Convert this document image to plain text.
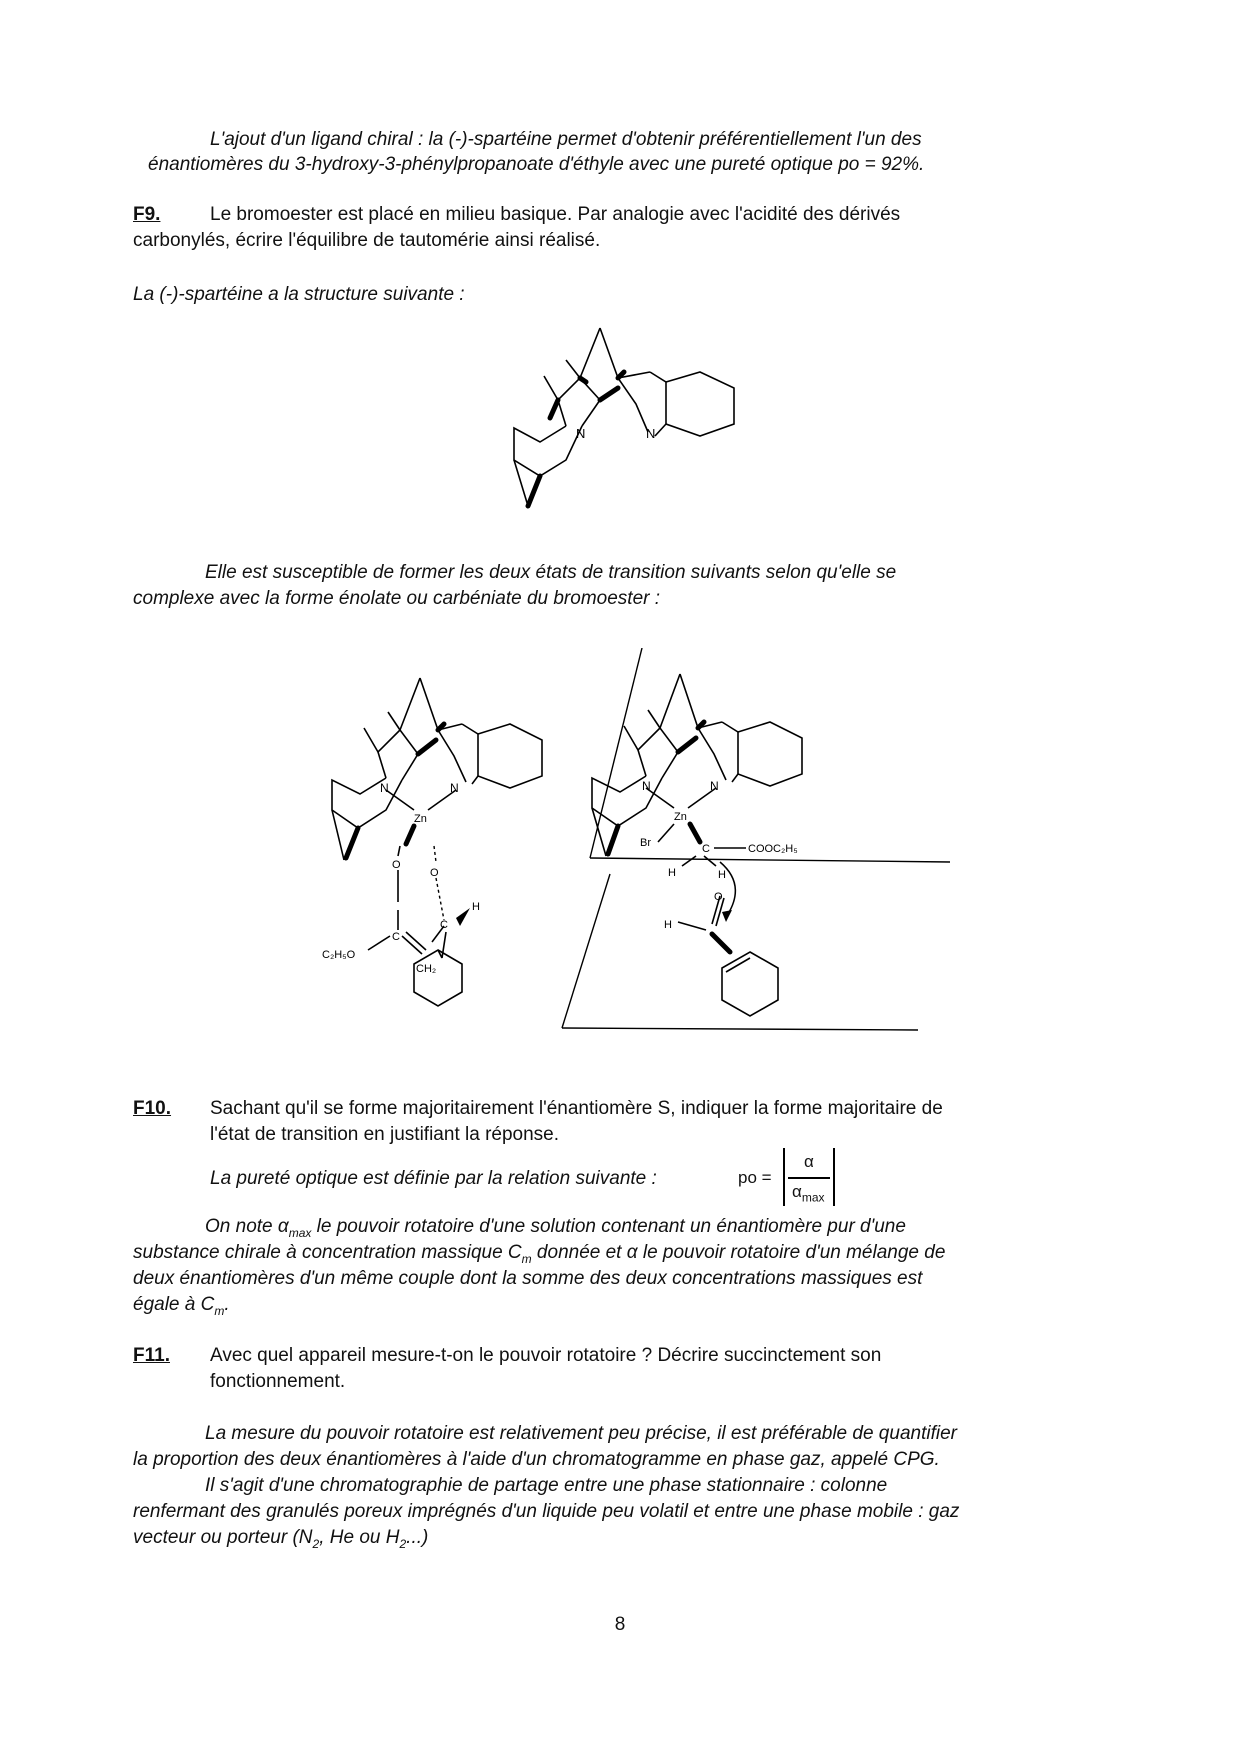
L'ajout d'un ligand chiral : la (-)-spartéine permet d'obtenir préférentiellement l'un des
énantiomères du 3-hydroxy-3-phénylpropanoate d'éthyle avec une pureté optique po = 92%.
F9.	Le bromoester est placé en milieu basique. Par analogie avec l'acidité des dérivés
carbonylés, écrire l'équilibre de tautomérie ainsi réalisé.
La (-)-spartéine a la structure suivante :
N	N
Elle est susceptible de former les deux états de transition suivants selon qu'elle se
complexe avec la forme énolate ou carbéniate du bromoester :
N	N
Zn
O
O
C
C
H
C₂H₅O
CH₂
N	N
Zn
Br	C	COOC₂H₅
H	H
O
H
F10. Sachant qu'il se forme majoritairement l'énantiomère S, indiquer la forme majoritaire de
l'état de transition en justifiant la réponse.
La pureté optique est définie par la relation suivante :	po =
α
$\alpha_{max}$
On note $\alpha_{max}$ le pouvoir rotatoire d'une solution contenant un énantiomère pur d'une
substance chirale à concentration massique $C_m$ donnée et α le pouvoir rotatoire d'un mélange de
deux énantiomères d'un même couple dont la somme des deux concentrations massiques est
égale à $C_m$.
F11. Avec quel appareil mesure-t-on le pouvoir rotatoire ? Décrire succinctement son
fonctionnement.
La mesure du pouvoir rotatoire est relativement peu précise, il est préférable de quantifier
la proportion des deux énantiomères à l'aide d'un chromatogramme en phase gaz, appelé CPG.
Il s'agit d'une chromatographie de partage entre une phase stationnaire : colonne
renfermant des granulés poreux imprégnés d'un liquide peu volatil et entre une phase mobile : gaz
vecteur ou porteur ($N_2$, He ou $H_2$...)
8
